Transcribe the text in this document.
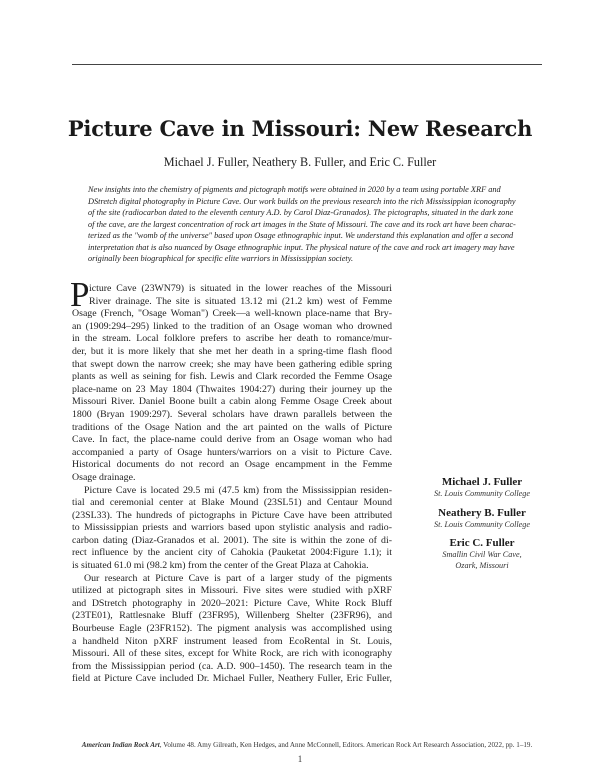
Picture Cave in Missouri: New Research
Michael J. Fuller, Neathery B. Fuller, and Eric C. Fuller
New insights into the chemistry of pigments and pictograph motifs were obtained in 2020 by a team using portable XRF and
DStretch digital photography in Picture Cave. Our work builds on the previous research into the rich Mississippian iconography
of the site (radiocarbon dated to the eleventh century A.D. by Carol Diaz-Granados). The pictographs, situated in the dark zone
of the cave, are the largest concentration of rock art images in the State of Missouri. The cave and its rock art have been charac-
terized as the "womb of the universe" based upon Osage ethnographic input. We understand this explanation and offer a second
interpretation that is also nuanced by Osage ethnographic input. The physical nature of the cave and rock art imagery may have
originally been biographical for specific elite warriors in Mississippian society.
P icture Cave (23WN79) is situated in the lower reaches of the Missouri
River drainage. The site is situated 13.12 mi (21.2 km) west of Femme
Osage (French, "Osage Woman") Creek—a well-known place-name that Bry-
an (1909:294–295) linked to the tradition of an Osage woman who drowned
in the stream. Local folklore prefers to ascribe her death to romance/mur-
der, but it is more likely that she met her death in a spring-time flash flood
that swept down the narrow creek; she may have been gathering edible spring
plants as well as seining for fish. Lewis and Clark recorded the Femme Osage
place-name on 23 May 1804 (Thwaites 1904:27) during their journey up the
Missouri River. Daniel Boone built a cabin along Femme Osage Creek about
1800 (Bryan 1909:297). Several scholars have drawn parallels between the
traditions of the Osage Nation and the art painted on the walls of Picture
Cave. In fact, the place-name could derive from an Osage woman who had
accompanied a party of Osage hunters/warriors on a visit to Picture Cave.
Historical documents do not record an Osage encampment in the Femme
Osage drainage.
Picture Cave is located 29.5 mi (47.5 km) from the Mississippian residen-
tial and ceremonial center at Blake Mound (23SL51) and Centaur Mound
(23SL33). The hundreds of pictographs in Picture Cave have been attributed
to Mississippian priests and warriors based upon stylistic analysis and radio-
carbon dating (Diaz-Granados et al. 2001). The site is within the zone of di-
rect influence by the ancient city of Cahokia (Pauketat 2004:Figure 1.1); it
is situated 61.0 mi (98.2 km) from the center of the Great Plaza at Cahokia.
Our research at Picture Cave is part of a larger study of the pigments
utilized at pictograph sites in Missouri. Five sites were studied with pXRF
and DStretch photography in 2020–2021: Picture Cave, White Rock Bluff
(23TE01), Rattlesnake Bluff (23FR95), Willenberg Shelter (23FR96), and
Bourbeuse Eagle (23FR152). The pigment analysis was accomplished using
a handheld Niton pXRF instrument leased from EcoRental in St. Louis,
Missouri. All of these sites, except for White Rock, are rich with iconography
from the Mississippian period (ca. A.D. 900–1450). The research team in the
field at Picture Cave included Dr. Michael Fuller, Neathery Fuller, Eric Fuller,
Michael J. Fuller
St. Louis Community College
Neathery B. Fuller
St. Louis Community College
Eric C. Fuller
Smallin Civil War Cave,
Ozark, Missouri
American Indian Rock Art, Volume 48. Amy Gilreath, Ken Hedges, and Anne McConnell, Editors. American Rock Art Research Association, 2022, pp. 1–19.
1
